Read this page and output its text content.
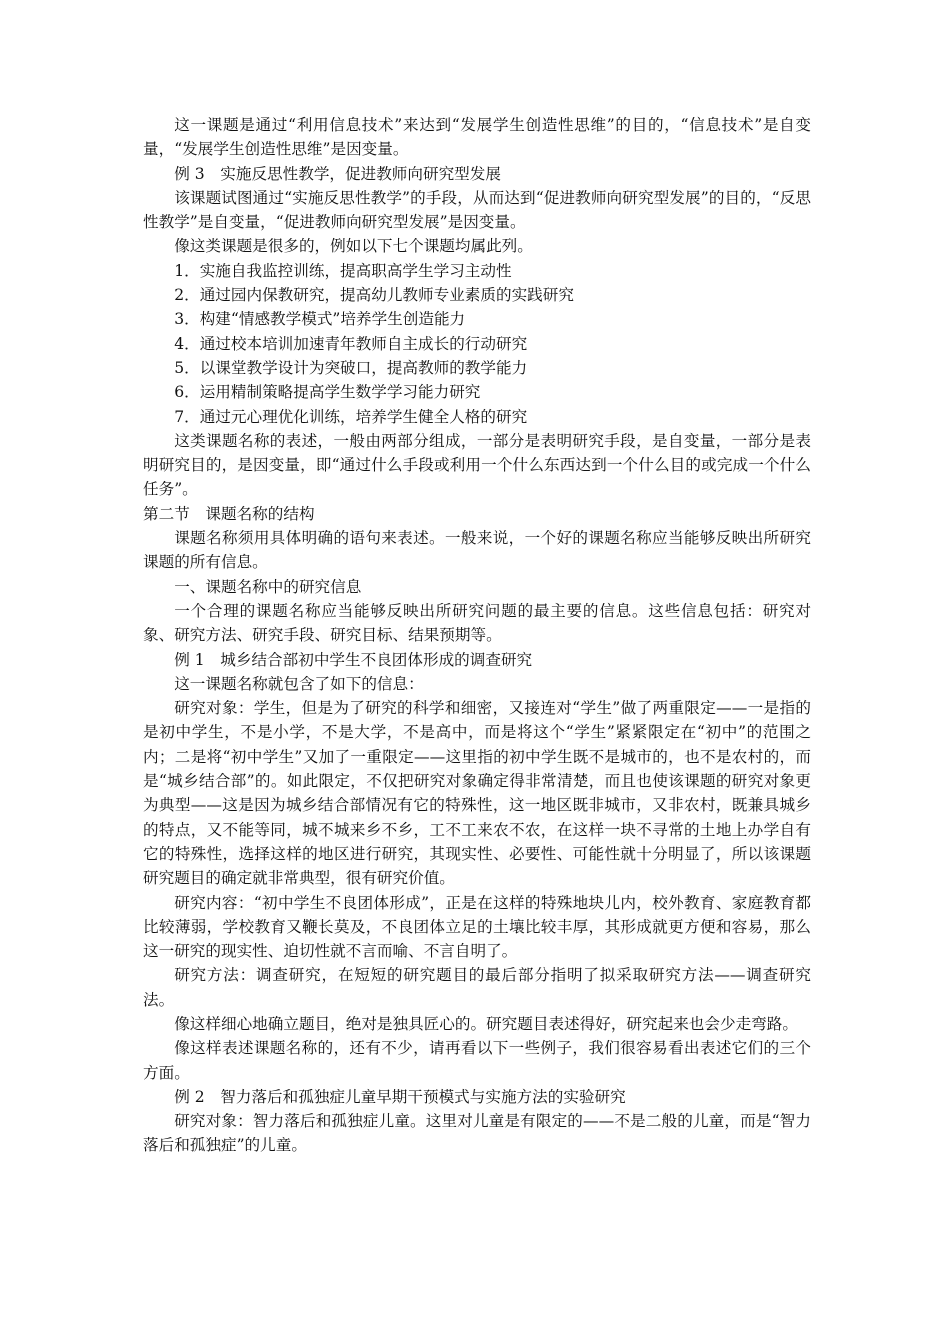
这一课题是通过“利用信息技术”来达到“发展学生创造性思维”的目的，“信息技术”是自变量，“发展学生创造性思维”是因变量。

例 3　实施反思性教学，促进教师向研究型发展

该课题试图通过“实施反思性教学”的手段，从而达到“促进教师向研究型发展”的目的，“反思性教学”是自变量，“促进教师向研究型发展”是因变量。

像这类课题是很多的，例如以下七个课题均属此列。

1．实施自我监控训练，提高职高学生学习主动性

2．通过园内保教研究，提高幼儿教师专业素质的实践研究

3．构建“情感教学模式”培养学生创造能力

4．通过校本培训加速青年教师自主成长的行动研究

5．以课堂教学设计为突破口，提高教师的教学能力

6．运用精制策略提高学生数学学习能力研究

7．通过元心理优化训练，培养学生健全人格的研究

这类课题名称的表述，一般由两部分组成，一部分是表明研究手段，是自变量，一部分是表明研究目的，是因变量，即“通过什么手段或利用一个什么东西达到一个什么目的或完成一个什么任务”。

第二节　课题名称的结构

课题名称须用具体明确的语句来表述。一般来说，一个好的课题名称应当能够反映出所研究课题的所有信息。

一、课题名称中的研究信息

一个合理的课题名称应当能够反映出所研究问题的最主要的信息。这些信息包括：研究对象、研究方法、研究手段、研究目标、结果预期等。

例 1　城乡结合部初中学生不良团体形成的调查研究

这一课题名称就包含了如下的信息：

研究对象：学生，但是为了研究的科学和细密，又接连对“学生”做了两重限定——一是指的是初中学生，不是小学，不是大学，不是高中，而是将这个“学生”紧紧限定在“初中”的范围之内；二是将“初中学生”又加了一重限定——这里指的初中学生既不是城市的，也不是农村的，而是“城乡结合部”的。如此限定，不仅把研究对象确定得非常清楚，而且也使该课题的研究对象更为典型——这是因为城乡结合部情况有它的特殊性，这一地区既非城市，又非农村，既兼具城乡的特点，又不能等同，城不城来乡不乡，工不工来农不农，在这样一块不寻常的土地上办学自有它的特殊性，选择这样的地区进行研究，其现实性、必要性、可能性就十分明显了，所以该课题研究题目的确定就非常典型，很有研究价值。

研究内容：“初中学生不良团体形成”，正是在这样的特殊地块儿内，校外教育、家庭教育都比较薄弱，学校教育又鞭长莫及，不良团体立足的土壤比较丰厚，其形成就更方便和容易，那么这一研究的现实性、迫切性就不言而喻、不言自明了。

研究方法：调查研究，在短短的研究题目的最后部分指明了拟采取研究方法——调查研究法。

像这样细心地确立题目，绝对是独具匠心的。研究题目表述得好，研究起来也会少走弯路。

像这样表述课题名称的，还有不少，请再看以下一些例子，我们很容易看出表述它们的三个方面。

例 2　智力落后和孤独症儿童早期干预模式与实施方法的实验研究

研究对象：智力落后和孤独症儿童。这里对儿童是有限定的——不是二般的儿童，而是“智力落后和孤独症”的儿童。
